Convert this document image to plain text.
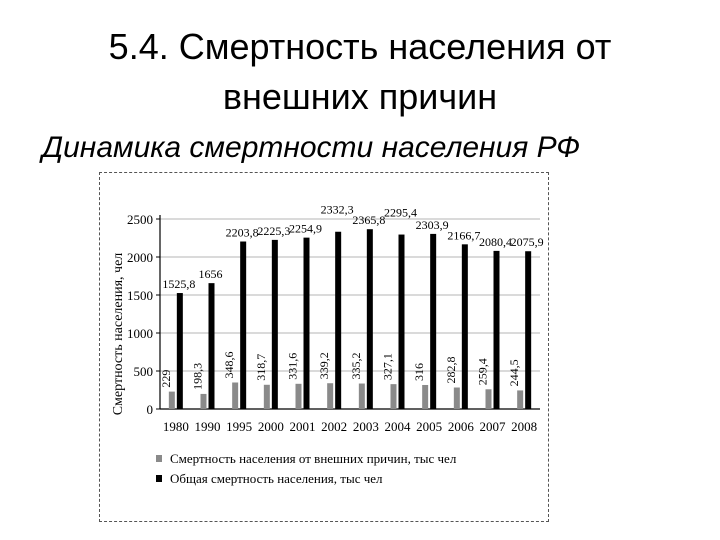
5.4. Смертность населения от
внешних причин

Динамика смертности населения РФ

0
500
1000
1500
2000
2500
Смертность населения, чел	229
1525,8
1980
198,3
1656
1990
348,6
2203,8
1995
318,7
2225,3
2000
331,6
2254,9
2001
339,2
2332,3
2002
335,2
2365,8
2003
327,1
2295,4
2004
316
2303,9
2005
282,8
2166,7
2006
259,4
2080,4
2007
244,5
2075,9
2008
Смертность населения от внешних причин, тыс чел
Общая смертность населения, тыс чел
